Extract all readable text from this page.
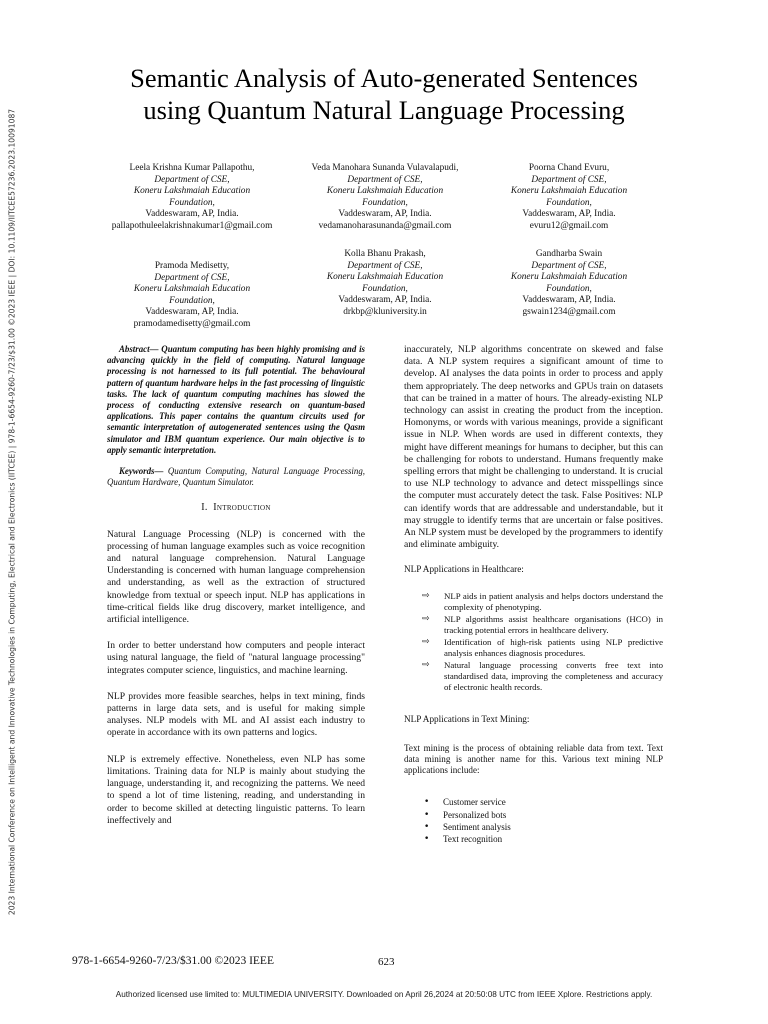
2023 International Conference on Intelligent and Innovative Technologies in Computing, Electrical and Electronics (IITCEE) | 978-1-6654-9260-7/23/$31.00 ©2023 IEEE | DOI: 10.1109/IITCEE57236.2023.10091087
Semantic Analysis of Auto-generated Sentences
using Quantum Natural Language Processing
Leela Krishna Kumar Pallapothu,
Department of CSE,
Koneru Lakshmaiah Education
Foundation,
Vaddeswaram, AP, India.
pallapothuleelakrishnakumar1@gmail.com
Veda Manohara Sunanda Vulavalapudi,
Department of CSE,
Koneru Lakshmaiah Education
Foundation,
Vaddeswaram, AP, India.
vedamanoharasunanda@gmail.com
Poorna Chand Evuru,
Department of CSE,
Koneru Lakshmaiah Education
Foundation,
Vaddeswaram, AP, India.
evuru12@gmail.com
Pramoda Medisetty,
Department of CSE,
Koneru Lakshmaiah Education
Foundation,
Vaddeswaram, AP, India.
pramodamedisetty@gmail.com
Kolla Bhanu Prakash,
Department of CSE,
Koneru Lakshmaiah Education
Foundation,
Vaddeswaram, AP, India.
drkbp@kluniversity.in
Gandharba Swain
Department of CSE,
Koneru Lakshmaiah Education
Foundation,
Vaddeswaram, AP, India.
gswain1234@gmail.com

Abstract— Quantum computing has been highly promising and is advancing quickly in the field of computing. Natural language processing is not harnessed to its full potential. The behavioural pattern of quantum hardware helps in the fast processing of linguistic tasks. The lack of quantum computing machines has slowed the process of conducting extensive research on quantum-based applications. This paper contains the quantum circuits used for semantic interpretation of autogenerated sentences using the Qasm simulator and IBM quantum experience. Our main objective is to apply semantic interpretation.

Keywords— Quantum Computing, Natural Language Processing, Quantum Hardware, Quantum Simulator.

I. Introduction

Natural Language Processing (NLP) is concerned with the processing of human language examples such as voice recognition and natural language comprehension. Natural Language Understanding is concerned with human language comprehension and understanding, as well as the extraction of structured knowledge from textual or speech input. NLP has applications in time-critical fields like drug discovery, market intelligence, and artificial intelligence.

In order to better understand how computers and people interact using natural language, the field of "natural language processing" integrates computer science, linguistics, and machine learning.

NLP provides more feasible searches, helps in text mining, finds patterns in large data sets, and is useful for making simple analyses. NLP models with ML and AI assist each industry to operate in accordance with its own patterns and logics.

NLP is extremely effective. Nonetheless, even NLP has some limitations. Training data for NLP is mainly about studying the language, understanding it, and recognizing the patterns. We need to spend a lot of time listening, reading, and understanding in order to become skilled at detecting linguistic patterns. To learn ineffectively and

inaccurately, NLP algorithms concentrate on skewed and false data. A NLP system requires a significant amount of time to develop. AI analyses the data points in order to process and apply them appropriately. The deep networks and GPUs train on datasets that can be trained in a matter of hours. The already-existing NLP technology can assist in creating the product from the inception. Homonyms, or words with various meanings, provide a significant issue in NLP. When words are used in different contexts, they might have different meanings for humans to decipher, but this can be challenging for robots to understand. Humans frequently make spelling errors that might be challenging to understand. It is crucial to use NLP technology to advance and detect misspellings since the computer must accurately detect the task. False Positives: NLP can identify words that are addressable and understandable, but it may struggle to identify terms that are uncertain or false positives. An NLP system must be developed by the programmers to identify and eliminate ambiguity.

NLP Applications in Healthcare:

⇨ NLP aids in patient analysis and helps doctors understand the complexity of phenotyping.
⇨ NLP algorithms assist healthcare organisations (HCO) in tracking potential errors in healthcare delivery.
⇨ Identification of high-risk patients using NLP predictive analysis enhances diagnosis procedures.
⇨ Natural language processing converts free text into standardised data, improving the completeness and accuracy of electronic health records.

NLP Applications in Text Mining:

Text mining is the process of obtaining reliable data from text. Text data mining is another name for this. Various text mining NLP applications include:

• Customer service
• Personalized bots
• Sentiment analysis
• Text recognition
978-1-6654-9260-7/23/$31.00 ©2023 IEEE	623
Authorized licensed use limited to: MULTIMEDIA UNIVERSITY. Downloaded on April 26,2024 at 20:50:08 UTC from IEEE Xplore. Restrictions apply.
